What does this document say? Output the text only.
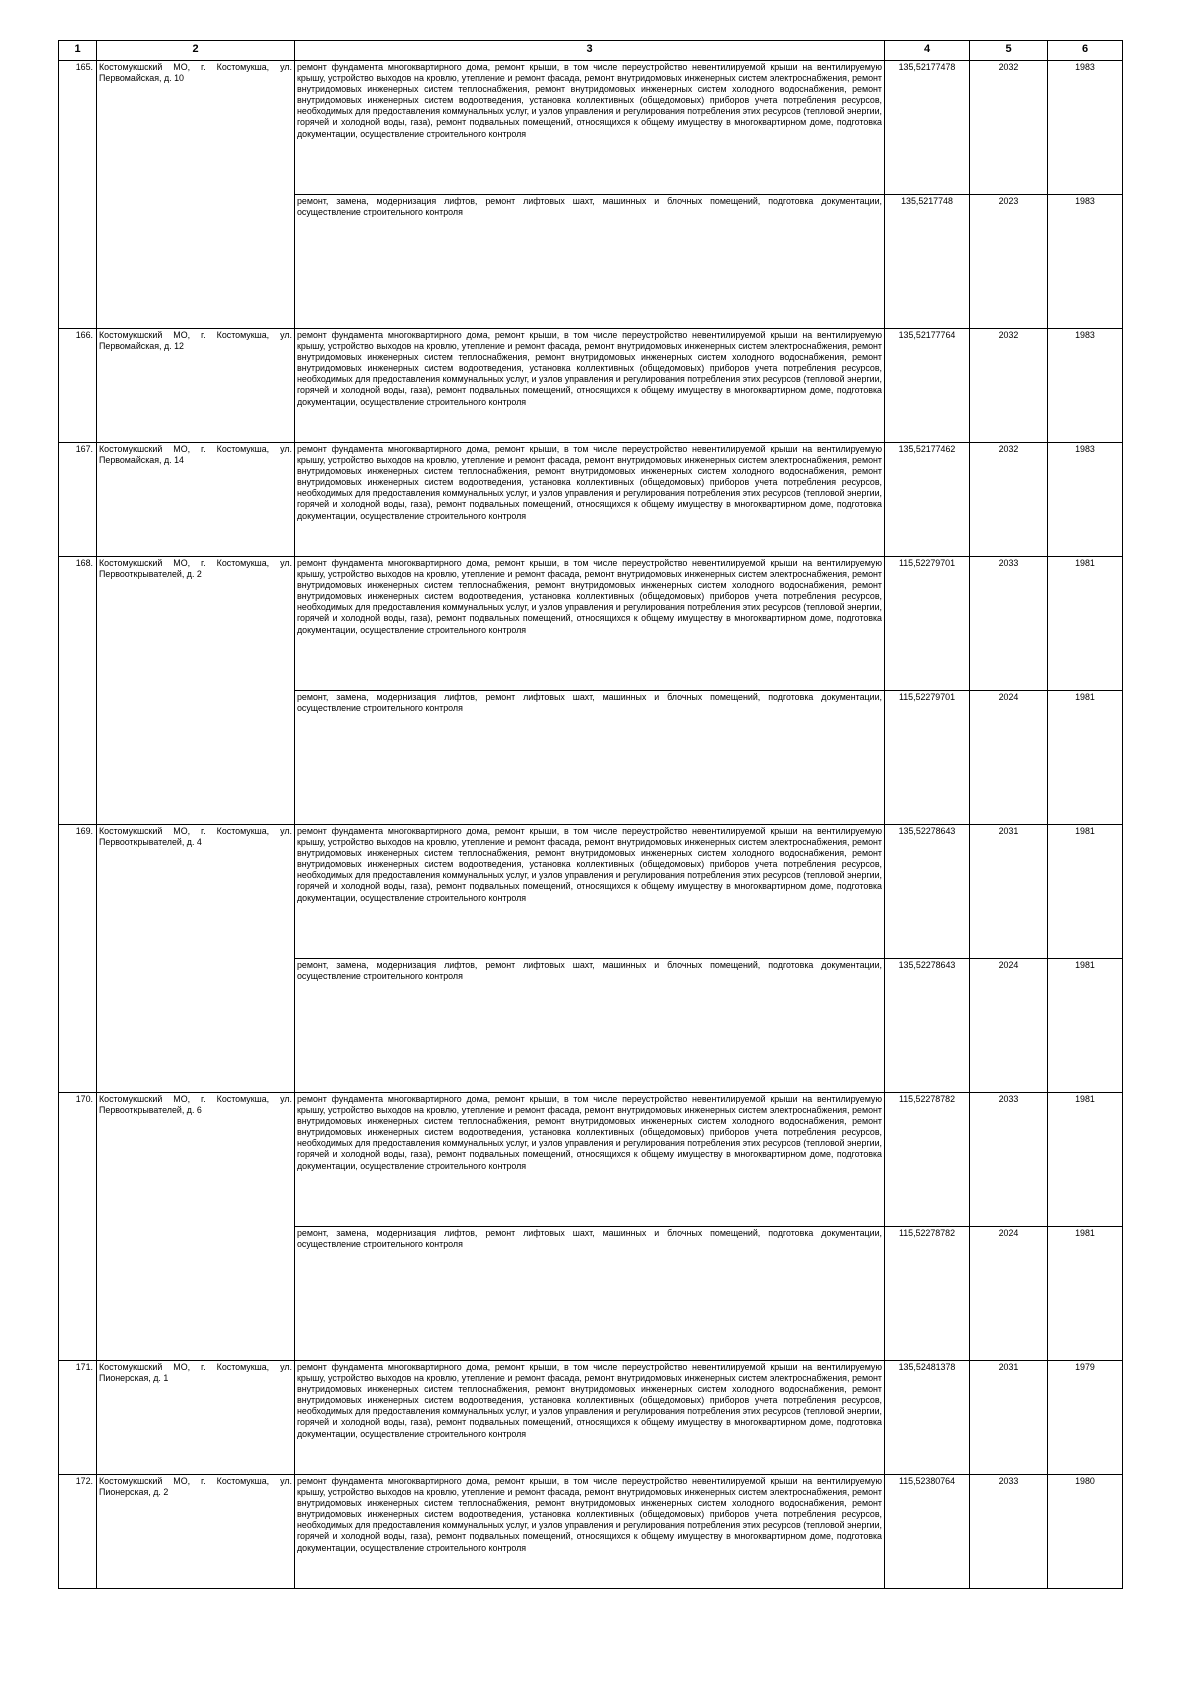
1	2	3	4	5	6
165.	Костомукшский МО, г. Костомукша, ул. Первомайская, д. 10	ремонт фундамента многоквартирного дома, ремонт крыши, в том числе переустройство невентилируемой крыши на вентилируемую крышу, устройство выходов на кровлю, утепление и ремонт фасада, ремонт внутридомовых инженерных систем электроснабжения, ремонт внутридомовых инженерных систем теплоснабжения, ремонт внутридомовых инженерных систем холодного водоснабжения, ремонт внутридомовых инженерных систем водоотведения, установка коллективных (общедомовых) приборов учета потребления ресурсов, необходимых для предоставления коммунальных услуг, и узлов управления и регулирования потребления этих ресурсов (тепловой энергии, горячей и холодной воды, газа), ремонт подвальных помещений, относящихся к общему имуществу в многоквартирном доме, подготовка документации, осуществление строительного контроля	135,52177478	2032	1983
		ремонт, замена, модернизация лифтов, ремонт лифтовых шахт, машинных и блочных помещений, подготовка документации, осуществление строительного контроля	135,5217748	2023	1983
166.	Костомукшский МО, г. Костомукша, ул. Первомайская, д. 12	ремонт фундамента многоквартирного дома, ремонт крыши, в том числе переустройство невентилируемой крыши на вентилируемую крышу, устройство выходов на кровлю, утепление и ремонт фасада, ремонт внутридомовых инженерных систем электроснабжения, ремонт внутридомовых инженерных систем теплоснабжения, ремонт внутридомовых инженерных систем холодного водоснабжения, ремонт внутридомовых инженерных систем водоотведения, установка коллективных (общедомовых) приборов учета потребления ресурсов, необходимых для предоставления коммунальных услуг, и узлов управления и регулирования потребления этих ресурсов (тепловой энергии, горячей и холодной воды, газа), ремонт подвальных помещений, относящихся к общему имуществу в многоквартирном доме, подготовка документации, осуществление строительного контроля	135,52177764	2032	1983
167.	Костомукшский МО, г. Костомукша, ул. Первомайская, д. 14	ремонт фундамента многоквартирного дома, ремонт крыши, в том числе переустройство невентилируемой крыши на вентилируемую крышу, устройство выходов на кровлю, утепление и ремонт фасада, ремонт внутридомовых инженерных систем электроснабжения, ремонт внутридомовых инженерных систем теплоснабжения, ремонт внутридомовых инженерных систем холодного водоснабжения, ремонт внутридомовых инженерных систем водоотведения, установка коллективных (общедомовых) приборов учета потребления ресурсов, необходимых для предоставления коммунальных услуг, и узлов управления и регулирования потребления этих ресурсов (тепловой энергии, горячей и холодной воды, газа), ремонт подвальных помещений, относящихся к общему имуществу в многоквартирном доме, подготовка документации, осуществление строительного контроля	135,52177462	2032	1983
168.	Костомукшский МО, г. Костомукша, ул. Первооткрывателей, д. 2	ремонт фундамента многоквартирного дома, ремонт крыши, в том числе переустройство невентилируемой крыши на вентилируемую крышу, устройство выходов на кровлю, утепление и ремонт фасада, ремонт внутридомовых инженерных систем электроснабжения, ремонт внутридомовых инженерных систем теплоснабжения, ремонт внутридомовых инженерных систем холодного водоснабжения, ремонт внутридомовых инженерных систем водоотведения, установка коллективных (общедомовых) приборов учета потребления ресурсов, необходимых для предоставления коммунальных услуг, и узлов управления и регулирования потребления этих ресурсов (тепловой энергии, горячей и холодной воды, газа), ремонт подвальных помещений, относящихся к общему имуществу в многоквартирном доме, подготовка документации, осуществление строительного контроля	115,52279701	2033	1981
		ремонт, замена, модернизация лифтов, ремонт лифтовых шахт, машинных и блочных помещений, подготовка документации, осуществление строительного контроля	115,52279701	2024	1981
169.	Костомукшский МО, г. Костомукша, ул. Первооткрывателей, д. 4	ремонт фундамента многоквартирного дома, ремонт крыши, в том числе переустройство невентилируемой крыши на вентилируемую крышу, устройство выходов на кровлю, утепление и ремонт фасада, ремонт внутридомовых инженерных систем электроснабжения, ремонт внутридомовых инженерных систем теплоснабжения, ремонт внутридомовых инженерных систем холодного водоснабжения, ремонт внутридомовых инженерных систем водоотведения, установка коллективных (общедомовых) приборов учета потребления ресурсов, необходимых для предоставления коммунальных услуг, и узлов управления и регулирования потребления этих ресурсов (тепловой энергии, горячей и холодной воды, газа), ремонт подвальных помещений, относящихся к общему имуществу в многоквартирном доме, подготовка документации, осуществление строительного контроля	135,52278643	2031	1981
		ремонт, замена, модернизация лифтов, ремонт лифтовых шахт, машинных и блочных помещений, подготовка документации, осуществление строительного контроля	135,52278643	2024	1981
170.	Костомукшский МО, г. Костомукша, ул. Первооткрывателей, д. 6	ремонт фундамента многоквартирного дома, ремонт крыши, в том числе переустройство невентилируемой крыши на вентилируемую крышу, устройство выходов на кровлю, утепление и ремонт фасада, ремонт внутридомовых инженерных систем электроснабжения, ремонт внутридомовых инженерных систем теплоснабжения, ремонт внутридомовых инженерных систем холодного водоснабжения, ремонт внутридомовых инженерных систем водоотведения, установка коллективных (общедомовых) приборов учета потребления ресурсов, необходимых для предоставления коммунальных услуг, и узлов управления и регулирования потребления этих ресурсов (тепловой энергии, горячей и холодной воды, газа), ремонт подвальных помещений, относящихся к общему имуществу в многоквартирном доме, подготовка документации, осуществление строительного контроля	115,52278782	2033	1981
		ремонт, замена, модернизация лифтов, ремонт лифтовых шахт, машинных и блочных помещений, подготовка документации, осуществление строительного контроля	115,52278782	2024	1981
171.	Костомукшский МО, г. Костомукша, ул. Пионерская, д. 1	ремонт фундамента многоквартирного дома, ремонт крыши, в том числе переустройство невентилируемой крыши на вентилируемую крышу, устройство выходов на кровлю, утепление и ремонт фасада, ремонт внутридомовых инженерных систем электроснабжения, ремонт внутридомовых инженерных систем теплоснабжения, ремонт внутридомовых инженерных систем холодного водоснабжения, ремонт внутридомовых инженерных систем водоотведения, установка коллективных (общедомовых) приборов учета потребления ресурсов, необходимых для предоставления коммунальных услуг, и узлов управления и регулирования потребления этих ресурсов (тепловой энергии, горячей и холодной воды, газа), ремонт подвальных помещений, относящихся к общему имуществу в многоквартирном доме, подготовка документации, осуществление строительного контроля	135,52481378	2031	1979
172.	Костомукшский МО, г. Костомукша, ул. Пионерская, д. 2	ремонт фундамента многоквартирного дома, ремонт крыши, в том числе переустройство невентилируемой крыши на вентилируемую крышу, устройство выходов на кровлю, утепление и ремонт фасада, ремонт внутридомовых инженерных систем электроснабжения, ремонт внутридомовых инженерных систем теплоснабжения, ремонт внутридомовых инженерных систем холодного водоснабжения, ремонт внутридомовых инженерных систем водоотведения, установка коллективных (общедомовых) приборов учета потребления ресурсов, необходимых для предоставления коммунальных услуг, и узлов управления и регулирования потребления этих ресурсов (тепловой энергии, горячей и холодной воды, газа), ремонт подвальных помещений, относящихся к общему имуществу в многоквартирном доме, подготовка документации, осуществление строительного контроля	115,52380764	2033	1980
